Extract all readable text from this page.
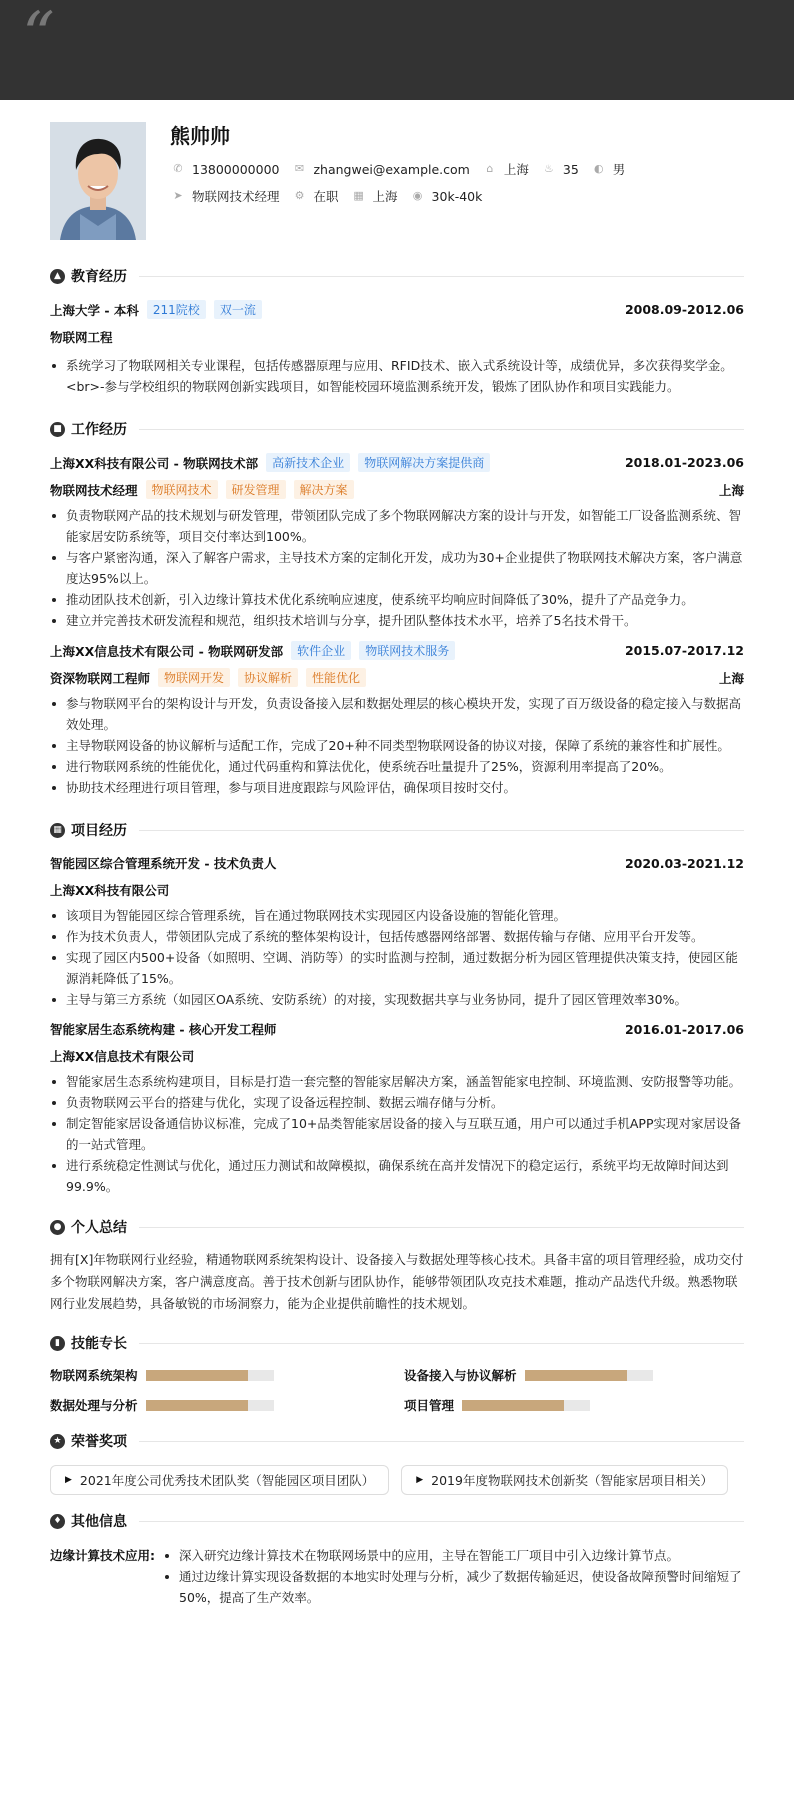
“
熊帅帅
✆ 13800000000 ✉ zhangwei@example.com ⌂ 上海 ♨ 35 ◐ 男
➤ 物联网技术经理 ⚙ 在职 ▦ 上海 ◉ 30k-40k
▲ 教育经历
上海大学 - 本科	211院校	双一流	2008.09-2012.06
物联网工程
系统学习了物联网相关专业课程，包括传感器原理与应用、RFID技术、嵌入式系统设计等，成绩优异，多次获得奖学金。<br>-参与学校组织的物联网创新实践项目，如智能校园环境监测系统开发，锻炼了团队协作和项目实践能力。
■ 工作经历
上海XX科技有限公司 - 物联网技术部	高新技术企业	物联网解决方案提供商	2018.01-2023.06
物联网技术经理	物联网技术	研发管理	解决方案	上海
负责物联网产品的技术规划与研发管理，带领团队完成了多个物联网解决方案的设计与开发，如智能工厂设备监测系统、智能家居安防系统等，项目交付率达到100%。
与客户紧密沟通，深入了解客户需求，主导技术方案的定制化开发，成功为30+企业提供了物联网技术解决方案，客户满意度达95%以上。
推动团队技术创新，引入边缘计算技术优化系统响应速度，使系统平均响应时间降低了30%，提升了产品竞争力。
建立并完善技术研发流程和规范，组织技术培训与分享，提升团队整体技术水平，培养了5名技术骨干。
上海XX信息技术有限公司 - 物联网研发部	软件企业	物联网技术服务	2015.07-2017.12
资深物联网工程师	物联网开发	协议解析	性能优化	上海
参与物联网平台的架构设计与开发，负责设备接入层和数据处理层的核心模块开发，实现了百万级设备的稳定接入与数据高效处理。
主导物联网设备的协议解析与适配工作，完成了20+种不同类型物联网设备的协议对接，保障了系统的兼容性和扩展性。
进行物联网系统的性能优化，通过代码重构和算法优化，使系统吞吐量提升了25%，资源利用率提高了20%。
协助技术经理进行项目管理，参与项目进度跟踪与风险评估，确保项目按时交付。
▦ 项目经历
智能园区综合管理系统开发 - 技术负责人	2020.03-2021.12
上海XX科技有限公司
该项目为智能园区综合管理系统，旨在通过物联网技术实现园区内设备设施的智能化管理。
作为技术负责人，带领团队完成了系统的整体架构设计，包括传感器网络部署、数据传输与存储、应用平台开发等。
实现了园区内500+设备（如照明、空调、消防等）的实时监测与控制，通过数据分析为园区管理提供决策支持，使园区能源消耗降低了15%。
主导与第三方系统（如园区OA系统、安防系统）的对接，实现数据共享与业务协同，提升了园区管理效率30%。
智能家居生态系统构建 - 核心开发工程师	2016.01-2017.06
上海XX信息技术有限公司
智能家居生态系统构建项目，目标是打造一套完整的智能家居解决方案，涵盖智能家电控制、环境监测、安防报警等功能。
负责物联网云平台的搭建与优化，实现了设备远程控制、数据云端存储与分析。
制定智能家居设备通信协议标准，完成了10+品类智能家居设备的接入与互联互通，用户可以通过手机APP实现对家居设备的一站式管理。
进行系统稳定性测试与优化，通过压力测试和故障模拟，确保系统在高并发情况下的稳定运行，系统平均无故障时间达到99.9%。
● 个人总结
拥有[X]年物联网行业经验，精通物联网系统架构设计、设备接入与数据处理等核心技术。具备丰富的项目管理经验，成功交付多个物联网解决方案，客户满意度高。善于技术创新与团队协作，能够带领团队攻克技术难题，推动产品迭代升级。熟悉物联网行业发展趋势，具备敏锐的市场洞察力，能为企业提供前瞻性的技术规划。
▮ 技能专长
物联网系统架构	设备接入与协议解析
数据处理与分析	项目管理
★ 荣誉奖项
▶ 2021年度公司优秀技术团队奖（智能园区项目团队）
	▶ 2019年度物联网技术创新奖（智能家居项目相关）
♦ 其他信息
边缘计算技术应用:	深入研究边缘计算技术在物联网场景中的应用，主导在智能工厂项目中引入边缘计算节点。
通过边缘计算实现设备数据的本地实时处理与分析，减少了数据传输延迟，使设备故障预警时间缩短了50%，提高了生产效率。
